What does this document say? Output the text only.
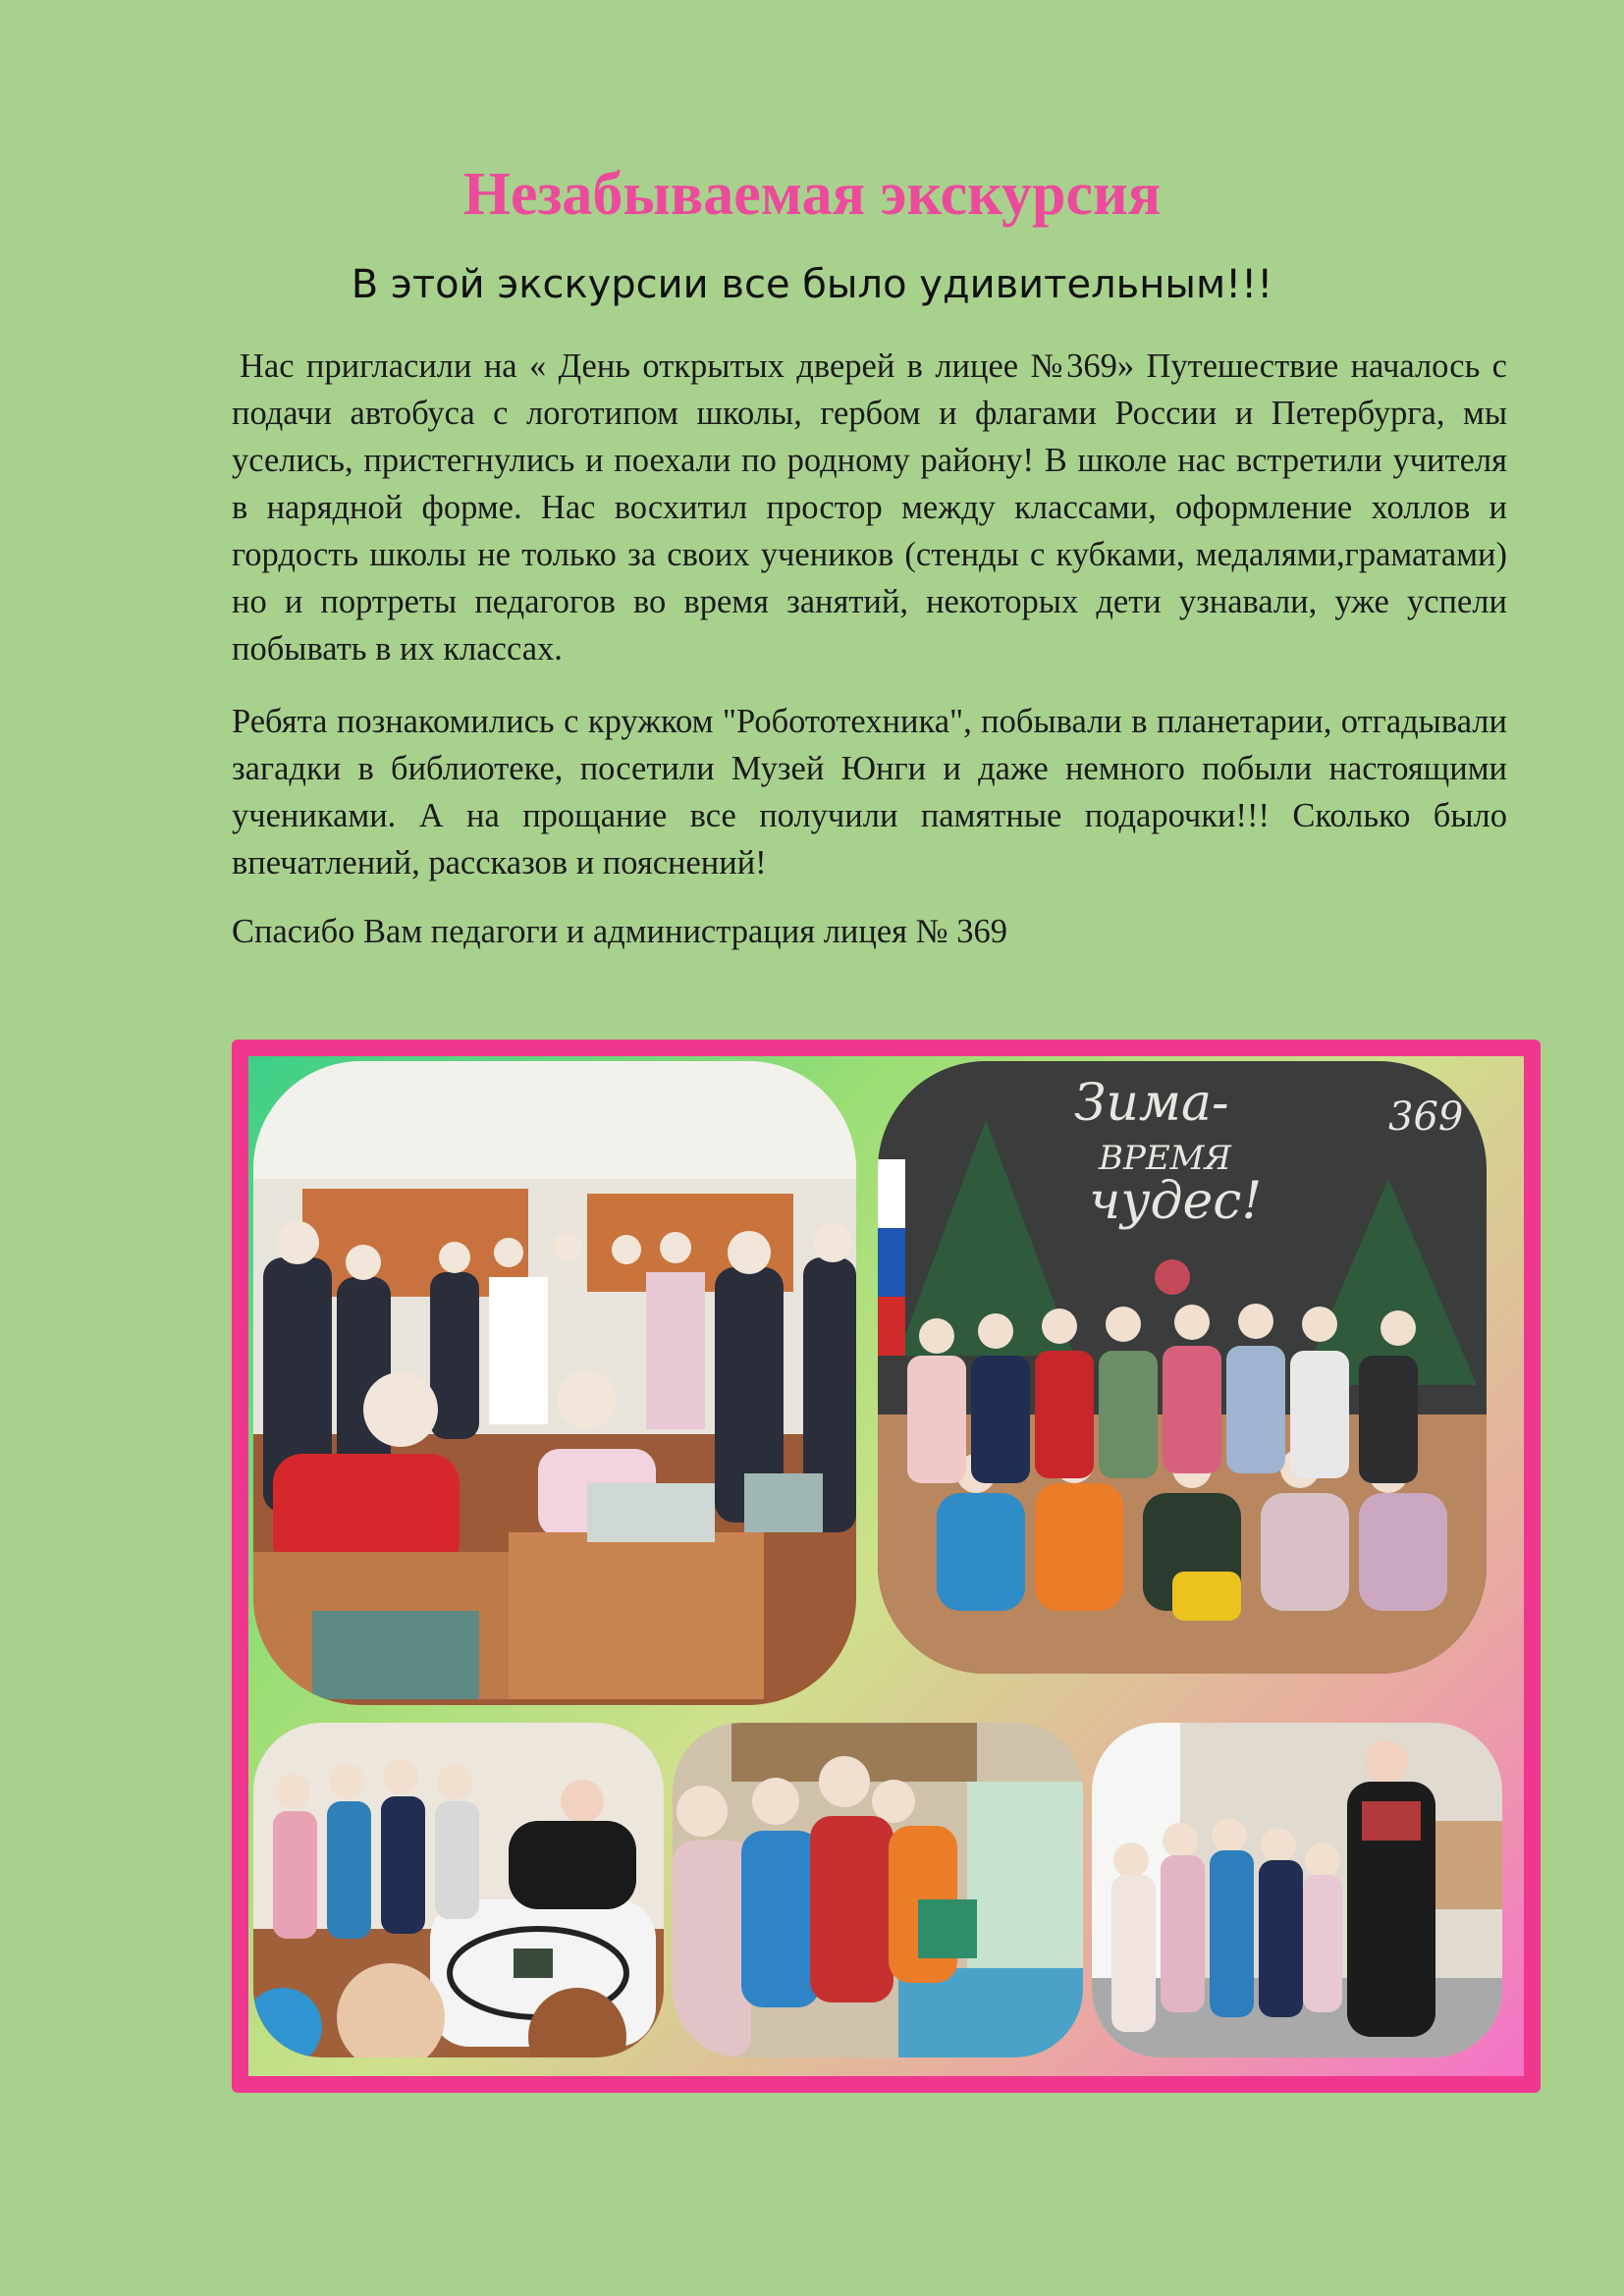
Незабываемая экскурсия
В этой экскурсии все было удивительным!!!

Нас пригласили на « День открытых дверей в лицее №369» Путешествие началось с подачи автобуса с логотипом школы, гербом и флагами России и Петербурга, мы уселись, пристегнулись и поехали по родному району! В школе нас встретили учителя в нарядной форме. Нас восхитил простор между классами, оформление холлов и гордость школы не только за своих учеников (стенды с кубками, медалями,граматами) но и портреты педагогов во время занятий, некоторых дети узнавали, уже успели побывать в их классах.

Ребята познакомились с кружком "Робототехника", побывали в планетарии, отгадывали загадки в библиотеке, посетили Музей Юнги и даже немного побыли настоящими учениками. А на прощание все получили памятные подарочки!!! Сколько было впечатлений, рассказов и пояснений!

Спасибо Вам педагоги и администрация лицея № 369

Зима-
ВРЕМЯ
чудес!
369
